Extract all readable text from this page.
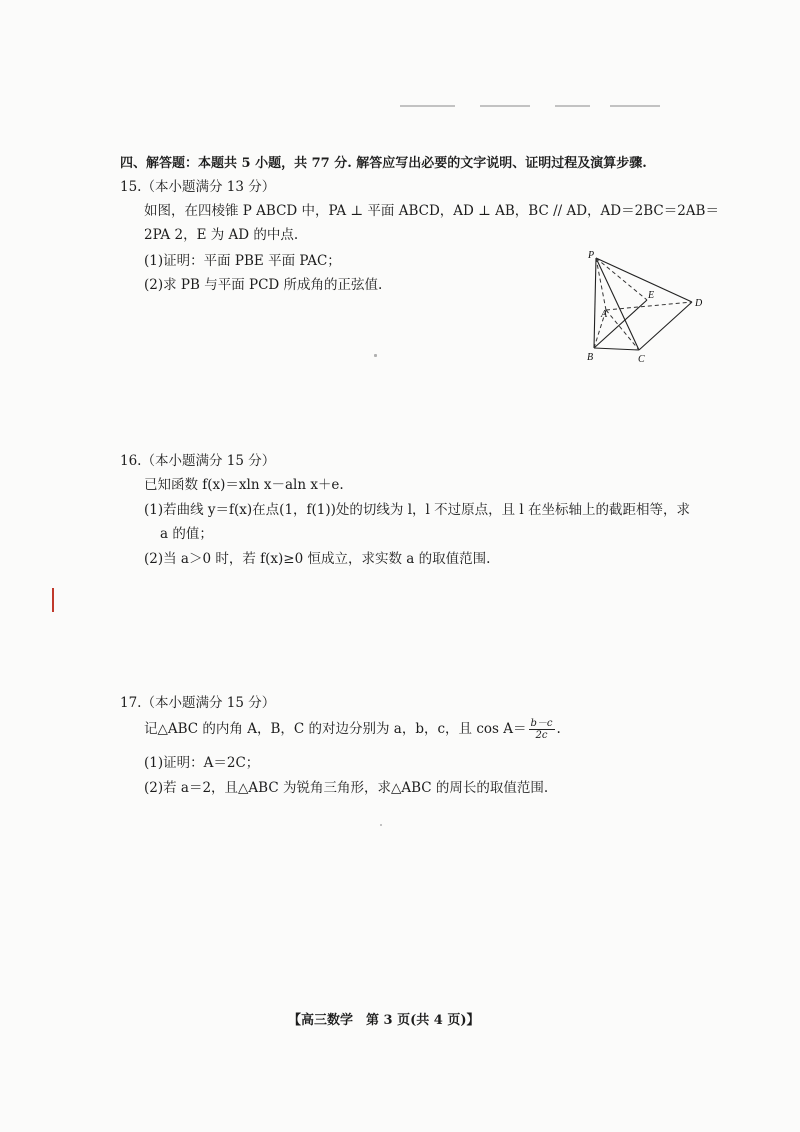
四、解答题：本题共 5 小题，共 77 分. 解答应写出必要的文字说明、证明过程及演算步骤.
15.（本小题满分 13 分）
如图，在四棱锥 P ABCD 中，PA ⊥ 平面 ABCD，AD ⊥ AB，BC // AD，AD＝2BC＝2AB＝
2PA 2，E 为 AD 的中点.
(1)证明：平面 PBE 平面 PAC；
(2)求 PB 与平面 PCD 所成角的正弦值.
P
A
B	C
D
E
16.（本小题满分 15 分）
已知函数 f(x)＝xln x－aln x＋e.
(1)若曲线 y＝f(x)在点(1，f(1))处的切线为 l，l 不过原点，且 l 在坐标轴上的截距相等，求
a 的值；
(2)当 a＞0 时，若 f(x)≥0 恒成立，求实数 a 的取值范围.
17.（本小题满分 15 分）
记△ABC 的内角 A，B，C 的对边分别为 a，b，c，且 $\cos A= \frac{b-c}{2c}$ .
(1)证明：A＝2C；
(2)若 a＝2，且△ABC 为锐角三角形，求△ABC 的周长的取值范围.
【高三数学　第 3 页(共 4 页)】
